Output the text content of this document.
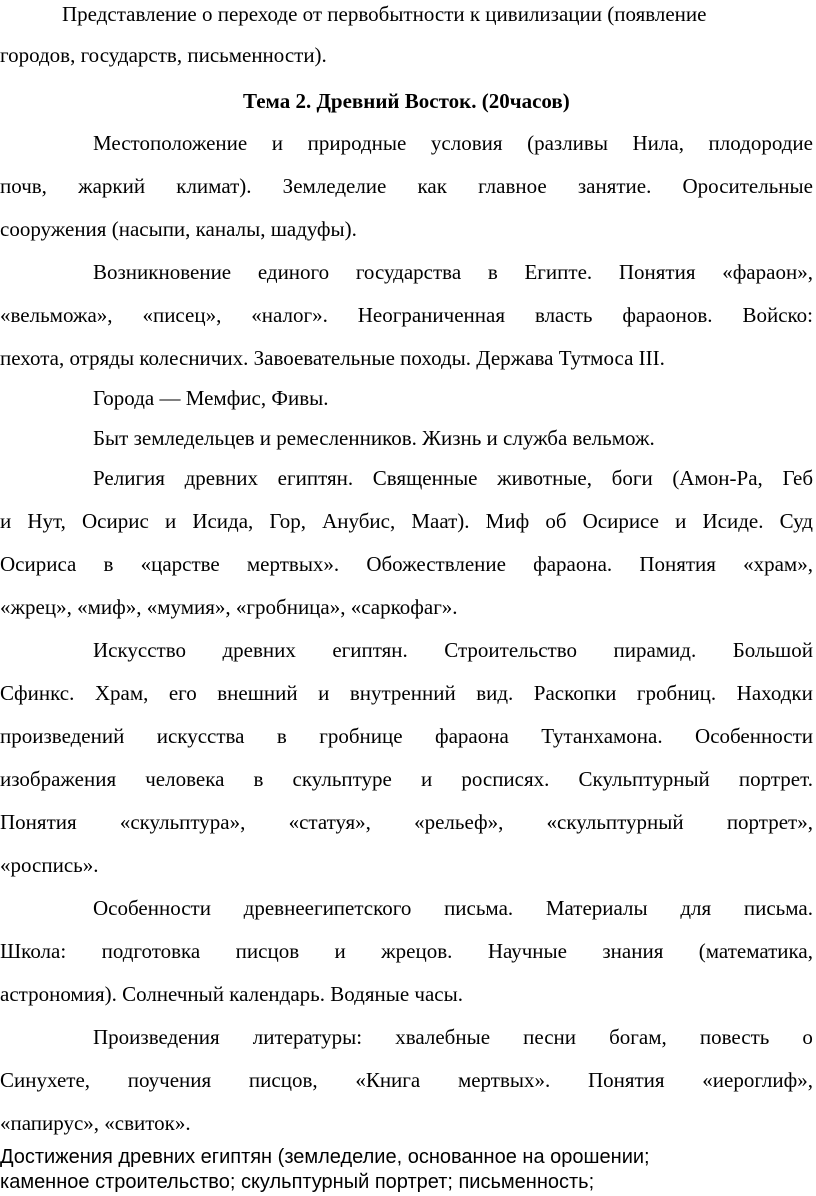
Представление о переходе от первобытности к цивилизации (появление
городов, государств, письменности).
Тема 2. Древний Восток. (20часов)
Местоположение и природные условия (разливы Нила, плодородие
почв, жаркий климат). Земледелие как главное занятие. Оросительные
сооружения (насыпи, каналы, шадуфы).
Возникновение единого государства в Египте. Понятия «фараон»,
«вельможа», «писец», «налог». Неограниченная власть фараонов. Войско:
пехота, отряды колесничих. Завоевательные походы. Держава Тутмоса III.
Города — Мемфис, Фивы.
Быт земледельцев и ремесленников. Жизнь и служба вельмож.
Религия древних египтян. Священные животные, боги (Амон-Ра, Геб
и Нут, Осирис и Исида, Гор, Анубис, Маат). Миф об Осирисе и Исиде. Суд
Осириса в «царстве мертвых». Обожествление фараона. Понятия «храм»,
«жрец», «миф», «мумия», «гробница», «саркофаг».
Искусство древних египтян. Строительство пирамид. Большой
Сфинкс. Храм, его внешний и внутренний вид. Раскопки гробниц. Находки
произведений искусства в гробнице фараона Тутанхамона. Особенности
изображения человека в скульптуре и росписях. Скульптурный портрет.
Понятия «скульптура», «статуя», «рельеф», «скульптурный портрет»,
«роспись».
Особенности древнеегипетского письма. Материалы для письма.
Школа: подготовка писцов и жрецов. Научные знания (математика,
астрономия). Солнечный календарь. Водяные часы.
Произведения литературы: хвалебные песни богам, повесть о
Синухете, поучения писцов, «Книга мертвых». Понятия «иероглиф»,
«папирус», «свиток».
Достижения древних египтян (земледелие, основанное на орошении;
каменное строительство; скульптурный портрет; письменность;
